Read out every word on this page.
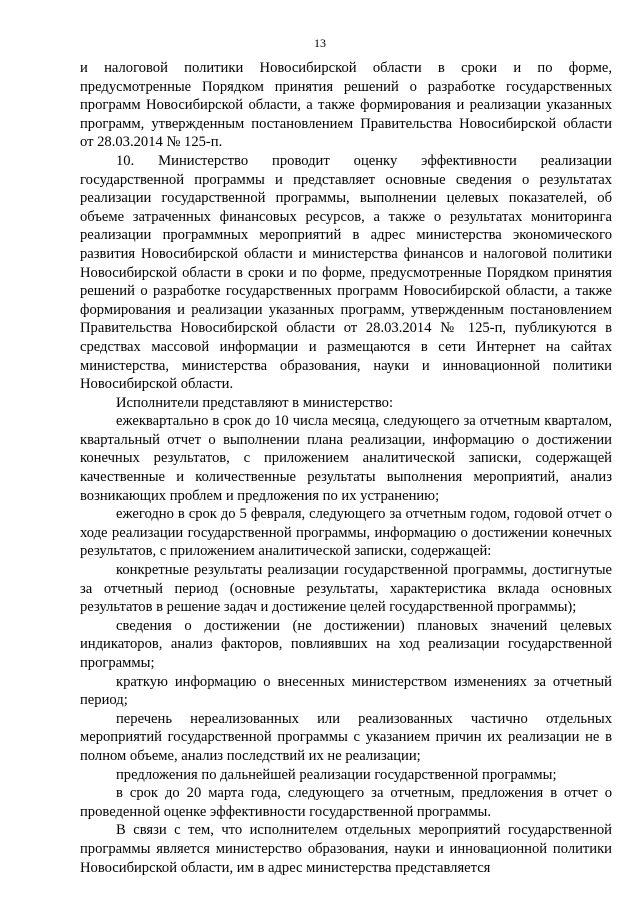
13

и налоговой политики Новосибирской области в сроки и по форме, предусмотренные Порядком принятия решений о разработке государственных программ Новосибирской области, а также формирования и реализации указанных программ, утвержденным постановлением Правительства Новосибирской области от 28.03.2014 № 125-п.

10. Министерство проводит оценку эффективности реализации государственной программы и представляет основные сведения о результатах реализации государственной программы, выполнении целевых показателей, об объеме затраченных финансовых ресурсов, а также о результатах мониторинга реализации программных мероприятий в адрес министерства экономического развития Новосибирской области и министерства финансов и налоговой политики Новосибирской области в сроки и по форме, предусмотренные Порядком принятия решений о разработке государственных программ Новосибирской области, а также формирования и реализации указанных программ, утвержденным постановлением Правительства Новосибирской области от 28.03.2014 № 125-п, публикуются в средствах массовой информации и размещаются в сети Интернет на сайтах министерства, министерства образования, науки и инновационной политики Новосибирской области.

Исполнители представляют в министерство:

ежеквартально в срок до 10 числа месяца, следующего за отчетным кварталом, квартальный отчет о выполнении плана реализации, информацию о достижении конечных результатов, с приложением аналитической записки, содержащей качественные и количественные результаты выполнения мероприятий, анализ возникающих проблем и предложения по их устранению;

ежегодно в срок до 5 февраля, следующего за отчетным годом, годовой отчет о ходе реализации государственной программы, информацию о достижении конечных результатов, с приложением аналитической записки, содержащей:

конкретные результаты реализации государственной программы, достигнутые за отчетный период (основные результаты, характеристика вклада основных результатов в решение задач и достижение целей государственной программы);

сведения о достижении (не достижении) плановых значений целевых индикаторов, анализ факторов, повлиявших на ход реализации государственной программы;

краткую информацию о внесенных министерством изменениях за отчетный период;

перечень нереализованных или реализованных частично отдельных мероприятий государственной программы с указанием причин их реализации не в полном объеме, анализ последствий их не реализации;

предложения по дальнейшей реализации государственной программы;

в срок до 20 марта года, следующего за отчетным, предложения в отчет о проведенной оценке эффективности государственной программы.

В связи с тем, что исполнителем отдельных мероприятий государственной программы является министерство образования, науки и инновационной политики Новосибирской области, им в адрес министерства представляется
